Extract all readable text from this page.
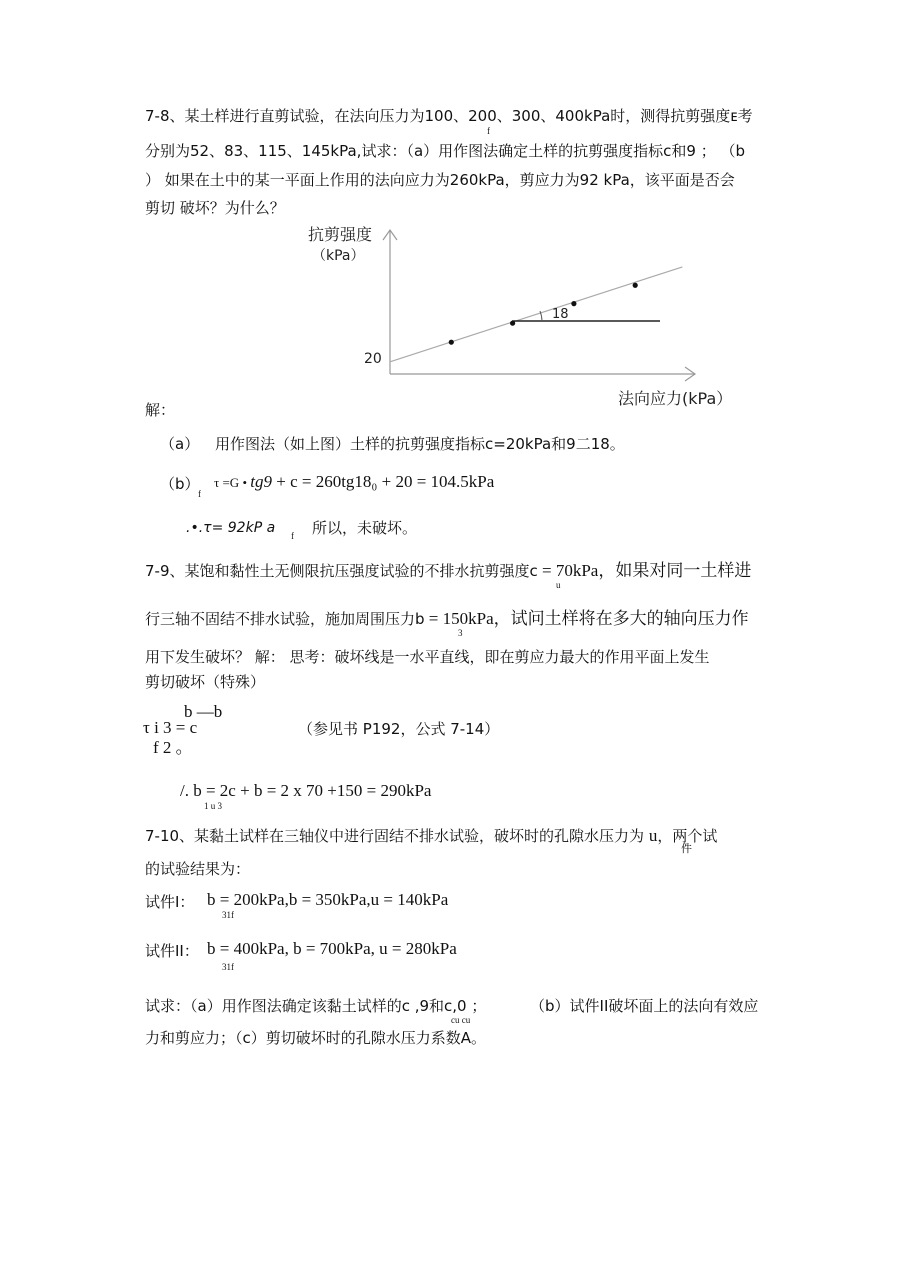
7-8、某土样进行直剪试验，在法向压力为100、200、300、400kPa时，测得抗剪强度ᴇ考
f
分别为52、83、115、145kPa,试求：（a）用作图法确定土样的抗剪强度指标c和9 ； （b
） 如果在土中的某一平面上作用的法向应力为260kPa，剪应力为92 kPa，该平面是否会
剪切 破坏？为什么？
抗剪强度
（kPa）
20
18
法向应力(kPa）
解：
（a） 用作图法（如上图）土样的抗剪强度指标c=20kPa和9二18。
（b）
f
τ =G • tg9 + c = 260tg18₀ + 20 = 104.5kPa
.•.τ= 92kP a f 所以，未破坏。
7-9、某饱和黏性土无侧限抗压强度试验的不排水抗剪强度c = 70kPa，如果对同一土样进
u
行三轴不固结不排水试验，施加周围压力b = 150kPa，试问土样将在多大的轴向压力作
3
用下发生破坏？ 解： 思考：破坏线是一水平直线，即在剪应力最大的作用平面上发生
剪切破坏（特殊）
b —b
τ i 3 = c
f 2 。
（参见书 P192，公式 7-14）
/. b = 2c + b = 2 x 70 +150 = 290kPa
1 u 3
7-10、某黏土试样在三轴仪中进行固结不排水试验，破坏时的孔隙水压力为 u，两个试
件
的试验结果为：
试件I： b = 200kPa,b = 350kPa,u = 140kPa
31f
试件II： b = 400kPa, b = 700kPa, u = 280kPa
31f
试求：（a）用作图法确定该黏土试样的c ,9和c,0 ；
cu cu
（b）试件II破坏面上的法向有效应
力和剪应力；（c）剪切破坏时的孔隙水压力系数A。
